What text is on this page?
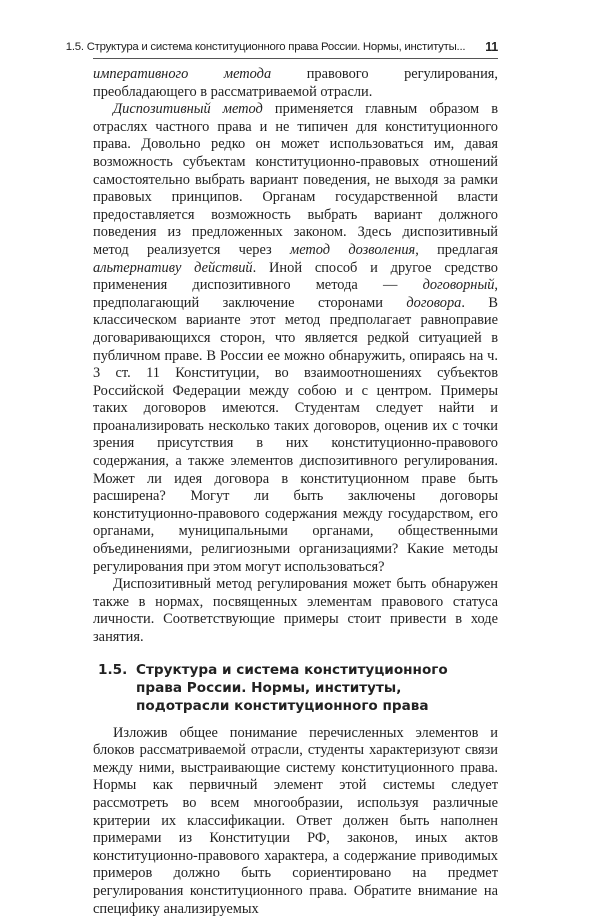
1.5. Структура и система конституционного права России. Нормы, институты... 11

императивного метода правового регулирования, преобладающего в рассматриваемой отрасли.

Диспозитивный метод применяется главным образом в отраслях частного права и не типичен для конституционного права. Довольно редко он может использоваться им, давая возможность субъектам конституционно-правовых отношений самостоятельно выбрать вариант поведения, не выходя за рамки правовых принципов. Органам государственной власти предоставляется возможность выбрать вариант должного поведения из предложенных законом. Здесь диспозитивный метод реализуется через метод дозволения, предлагая альтернативу действий. Иной способ и другое средство применения диспозитивного метода — договорный, предполагающий заключение сторонами договора. В классическом варианте этот метод предполагает равноправие договаривающихся сторон, что является редкой ситуацией в публичном праве. В России ее можно обнаружить, опираясь на ч. 3 ст. 11 Конституции, во взаимоотношениях субъектов Российской Федерации между собою и с центром. Примеры таких договоров имеются. Студентам следует найти и проанализировать несколько таких договоров, оценив их с точки зрения присутствия в них конституционно-правового содержания, а также элементов диспозитивного регулирования. Может ли идея договора в конституционном праве быть расширена? Могут ли быть заключены договоры конституционно-правового содержания между государством, его органами, муниципальными органами, общественными объединениями, религиозными организациями? Какие методы регулирования при этом могут использоваться?

Диспозитивный метод регулирования может быть обнаружен также в нормах, посвященных элементам правового статуса личности. Соответствующие примеры стоит привести в ходе занятия.

1.5. Структура и система конституционного права России. Нормы, институты, подотрасли конституционного права

Изложив общее понимание перечисленных элементов и блоков рассматриваемой отрасли, студенты характеризуют связи между ними, выстраивающие систему конституционного права. Нормы как первичный элемент этой системы следует рассмотреть во всем многообразии, используя различные критерии их классификации. Ответ должен быть наполнен примерами из Конституции РФ, законов, иных актов конституционно-правового характера, а содержание приводимых примеров должно быть сориентировано на предмет регулирования конституционного права. Обратите внимание на специфику анализируемых
